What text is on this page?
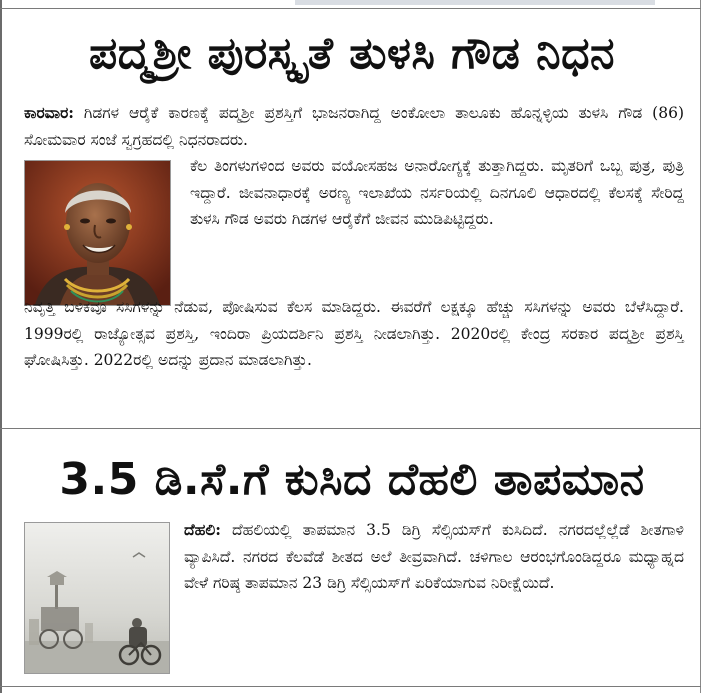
ಪದ್ಮಶ್ರೀ ಪುರಸ್ಕೃತೆ ತುಳಸಿ ಗೌಡ ನಿಧನ
ಕಾರವಾರ: ಗಿಡಗಳ ಆರೈಕೆ ಕಾರಣಕ್ಕೆ ಪದ್ಮಶ್ರೀ ಪ್ರಶಸ್ತಿಗೆ ಭಾಜನರಾಗಿದ್ದ ಅಂಕೋಲಾ ತಾಲೂಕು ಹೊನ್ನಳ್ಳಿಯ ತುಳಸಿ ಗೌಡ (86) ಸೋಮವಾರ ಸಂಜೆ ಸ್ವಗ್ರಹದಲ್ಲಿ ನಿಧನರಾದರು.
ಕೆಲ ತಿಂಗಳುಗಳಿಂದ ಅವರು ವಯೋಸಹಜ ಅನಾರೋಗ್ಯಕ್ಕೆ ತುತ್ತಾಗಿದ್ದರು. ಮೃತರಿಗೆ ಒಬ್ಬ ಪುತ್ರ, ಪುತ್ರಿ ಇದ್ದಾರೆ. ಜೀವನಾಧಾರಕ್ಕೆ ಅರಣ್ಯ ಇಲಾಖೆಯ ನರ್ಸರಿಯಲ್ಲಿ ದಿನಗೂಲಿ ಆಧಾರದಲ್ಲಿ ಕೆಲಸಕ್ಕೆ ಸೇರಿದ್ದ ತುಳಸಿ ಗೌಡ ಅವರು ಗಿಡಗಳ ಆರೈಕೆಗೆ ಜೀವನ ಮುಡಿಪಿಟ್ಟಿದ್ದರು.
ನಿವೃತ್ತಿ ಬಳಿಕವೂ ಸಸಿಗಳನ್ನು ನೆಡುವ, ಪೋಷಿಸುವ ಕೆಲಸ ಮಾಡಿದ್ದರು. ಈವರೆಗೆ ಲಕ್ಷಕ್ಕೂ ಹೆಚ್ಚು ಸಸಿಗಳನ್ನು ಅವರು ಬೆಳೆಸಿದ್ದಾರೆ. 1999ರಲ್ಲಿ ರಾಜ್ಯೋತ್ಸವ ಪ್ರಶಸ್ತಿ, ಇಂದಿರಾ ಪ್ರಿಯದರ್ಶಿನಿ ಪ್ರಶಸ್ತಿ ನೀಡಲಾಗಿತ್ತು. 2020ರಲ್ಲಿ ಕೇಂದ್ರ ಸರಕಾರ ಪದ್ಮಶ್ರೀ ಪ್ರಶಸ್ತಿ ಘೋಷಿಸಿತ್ತು. 2022ರಲ್ಲಿ ಅದನ್ನು ಪ್ರದಾನ ಮಾಡಲಾಗಿತ್ತು.
3.5 ಡಿ.ಸೆ.ಗೆ ಕುಸಿದ ದೆಹಲಿ ತಾಪಮಾನ
ದೆಹಲಿ: ದೆಹಲಿಯಲ್ಲಿ ತಾಪಮಾನ 3.5 ಡಿಗ್ರಿ ಸೆಲ್ಸಿಯಸ್‌ಗೆ ಕುಸಿದಿದೆ. ನಗರದಲ್ಲೆಲ್ಲೆಡೆ ಶೀತಗಾಳಿ ವ್ಯಾಪಿಸಿದೆ. ನಗರದ ಕೆಲವೆಡೆ ಶೀತದ ಅಲೆ ತೀವ್ರವಾಗಿದೆ. ಚಳಿಗಾಲ ಆರಂಭಗೊಂಡಿದ್ದರೂ ಮಧ್ಯಾಹ್ನದ ವೇಳೆ ಗರಿಷ್ಠ ತಾಪಮಾನ 23 ಡಿಗ್ರಿ ಸೆಲ್ಸಿಯಸ್‌ಗೆ ಏರಿಕೆಯಾಗುವ ನಿರೀಕ್ಷೆಯಿದೆ.
